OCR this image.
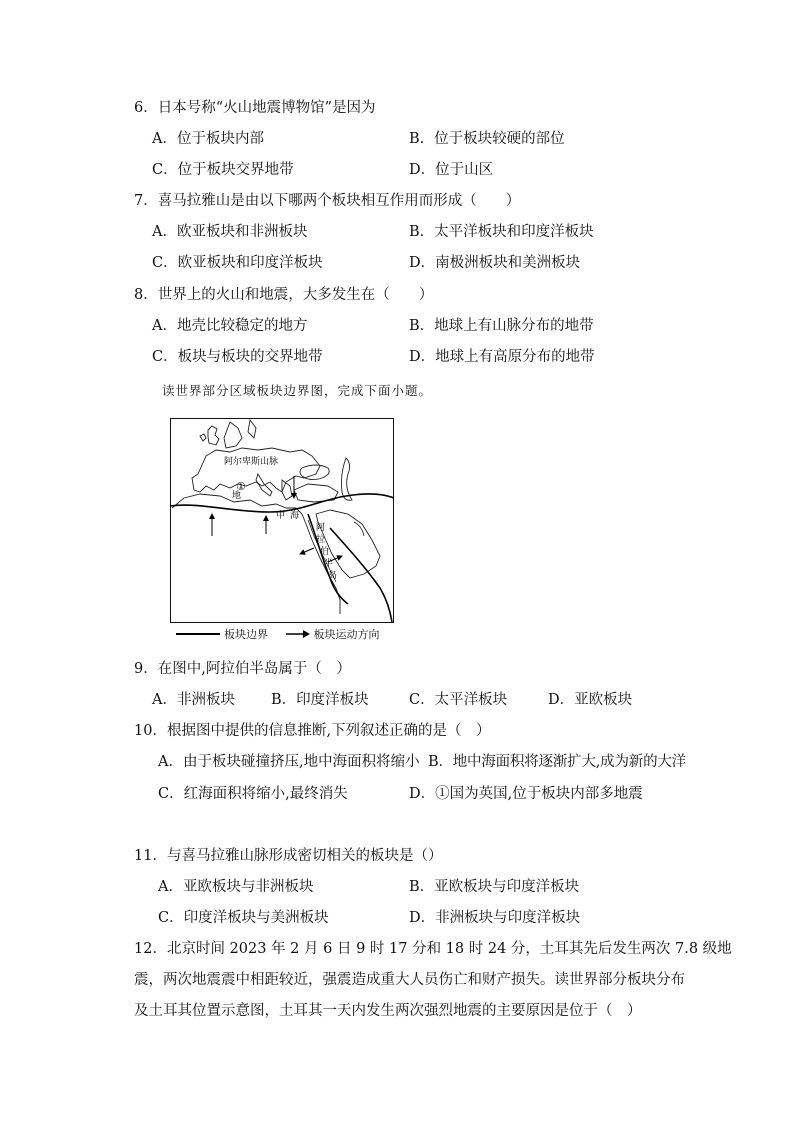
6．日本号称“火山地震博物馆”是因为
A．位于板块内部	B．位于板块较硬的部位
C．位于板块交界地带	D．位于山区
7．喜马拉雅山是由以下哪两个板块相互作用而形成（　　）
A．欧亚板块和非洲板块	B．太平洋板块和印度洋板块
C．欧亚板块和印度洋板块	D．南极洲板块和美洲板块
8．世界上的火山和地震，大多发生在（　　）
A．地壳比较稳定的地方	B．地球上有山脉分布的地带
C．板块与板块的交界地带	D．地球上有高原分布的地带
读世界部分区域板块边界图，完成下面小题。
阿尔卑斯山脉
①
地
中 海
阿
拉
伯
半
岛
板块边界
	板块运动方向
9．在图中,阿拉伯半岛属于（　）
A．非洲板块 B．印度洋板块	C．太平洋板块	D．亚欧板块
10．根据图中提供的信息推断,下列叙述正确的是（　）
A．由于板块碰撞挤压,地中海面积将缩小 B．地中海面积将逐渐扩大,成为新的大洋
C．红海面积将缩小,最终消失	D．①国为英国,位于板块内部多地震
11．与喜马拉雅山脉形成密切相关的板块是（）
A．亚欧板块与非洲板块	B．亚欧板块与印度洋板块
C．印度洋板块与美洲板块	D．非洲板块与印度洋板块
12．北京时间 2023 年 2 月 6 日 9 时 17 分和 18 时 24 分，土耳其先后发生两次 7.8 级地
震，两次地震震中相距较近，强震造成重大人员伤亡和财产损失。读世界部分板块分布
及土耳其位置示意图，土耳其一天内发生两次强烈地震的主要原因是位于（　）
